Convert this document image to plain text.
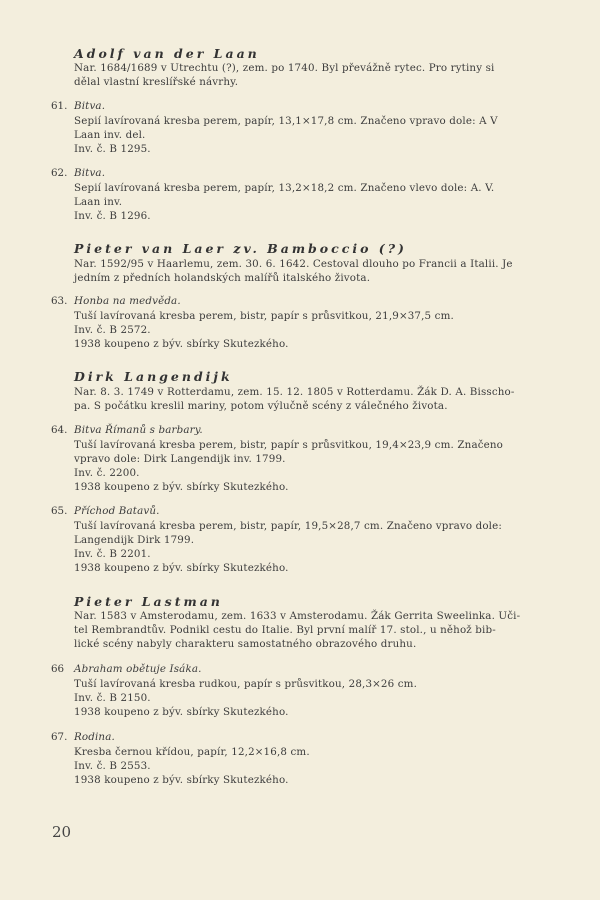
Adolf van der Laan
Nar. 1684/1689 v Utrechtu (?), zem. po 1740. Byl převážně rytec. Pro rytiny si
dělal vlastní kreslířské návrhy.
61. Bitva.
Sepií lavírovaná kresba perem, papír, 13,1×17,8 cm. Značeno vpravo dole: A V
Laan inv. del.
Inv. č. B 1295.
62. Bitva.
Sepií lavírovaná kresba perem, papír, 13,2×18,2 cm. Značeno vlevo dole: A. V.
Laan inv.
Inv. č. B 1296.
Pieter van Laer zv. Bamboccio (?)
Nar. 1592/95 v Haarlemu, zem. 30. 6. 1642. Cestoval dlouho po Francii a Italii. Je
jedním z předních holandských malířů italského života.
63. Honba na medvěda.
Tuší lavírovaná kresba perem, bistr, papír s průsvitkou, 21,9×37,5 cm.
Inv. č. B 2572.
1938 koupeno z býv. sbírky Skutezkého.
Dirk Langendijk
Nar. 8. 3. 1749 v Rotterdamu, zem. 15. 12. 1805 v Rotterdamu. Žák D. A. Bisscho-
pa. S počátku kreslil mariny, potom výlučně scény z válečného života.
64. Bitva Římanů s barbary.
Tuší lavírovaná kresba perem, bistr, papír s průsvitkou, 19,4×23,9 cm. Značeno
vpravo dole: Dirk Langendijk inv. 1799.
Inv. č. 2200.
1938 koupeno z býv. sbírky Skutezkého.
65. Příchod Batavů.
Tuší lavírovaná kresba perem, bistr, papír, 19,5×28,7 cm. Značeno vpravo dole:
Langendijk Dirk 1799.
Inv. č. B 2201.
1938 koupeno z býv. sbírky Skutezkého.
Pieter Lastman
Nar. 1583 v Amsterodamu, zem. 1633 v Amsterodamu. Žák Gerrita Sweelinka. Uči-
tel Rembrandtův. Podnikl cestu do Italie. Byl první malíř 17. stol., u něhož bib-
lické scény nabyly charakteru samostatného obrazového druhu.
66 Abraham obětuje Isáka.
Tuší lavírovaná kresba rudkou, papír s průsvitkou, 28,3×26 cm.
Inv. č. B 2150.
1938 koupeno z býv. sbírky Skutezkého.
67. Rodina.
Kresba černou křídou, papír, 12,2×16,8 cm.
Inv. č. B 2553.
1938 koupeno z býv. sbírky Skutezkého.
20
